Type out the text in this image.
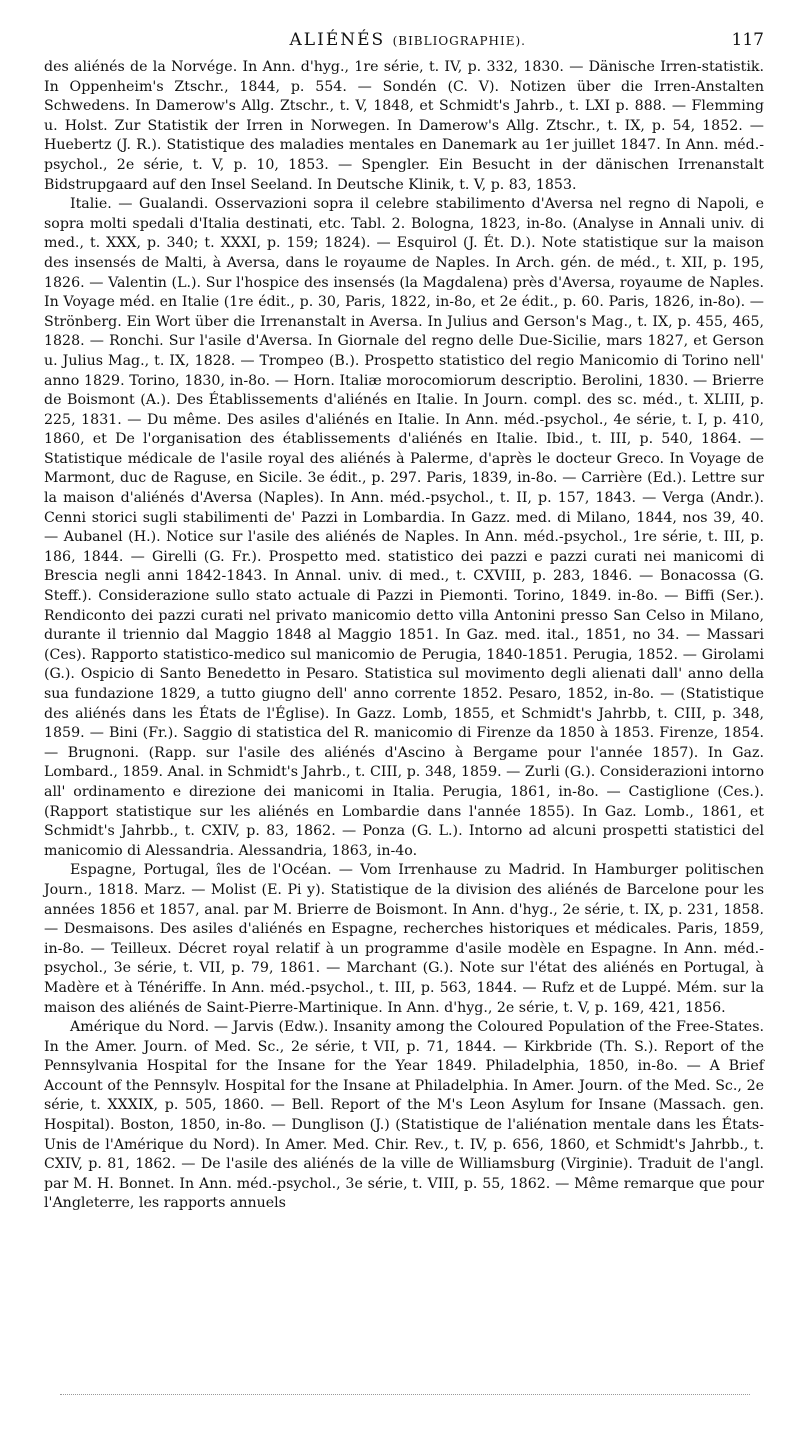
ALIÉNÉS (BIBLIOGRAPHIE).	117

des aliénés de la Norvége. In Ann. d'hyg., 1re série, t. IV, p. 332, 1830. — Dänische Irren-statistik. In Oppenheim's Ztschr., 1844, p. 554. — Sondén (C. V). Notizen über die Irren-Anstalten Schwedens. In Damerow's Allg. Ztschr., t. V, 1848, et Schmidt's Jahrb., t. LXI p. 888. — Flemming u. Holst. Zur Statistik der Irren in Norwegen. In Damerow's Allg. Ztschr., t. IX, p. 54, 1852. — Huebertz (J. R.). Statistique des maladies mentales en Danemark au 1er juillet 1847. In Ann. méd.-psychol., 2e série, t. V, p. 10, 1853. — Spengler. Ein Besucht in der dänischen Irrenanstalt Bidstrupgaard auf den Insel Seeland. In Deutsche Klinik, t. V, p. 83, 1853.

Italie. — Gualandi. Osservazioni sopra il celebre stabilimento d'Aversa nel regno di Napoli, e sopra molti spedali d'Italia destinati, etc. Tabl. 2. Bologna, 1823, in-8o. (Analyse in Annali univ. di med., t. XXX, p. 340; t. XXXI, p. 159; 1824). — Esquirol (J. Ét. D.). Note statistique sur la maison des insensés de Malti, à Aversa, dans le royaume de Naples. In Arch. gén. de méd., t. XII, p. 195, 1826. — Valentin (L.). Sur l'hospice des insensés (la Magdalena) près d'Aversa, royaume de Naples. In Voyage méd. en Italie (1re édit., p. 30, Paris, 1822, in-8o, et 2e édit., p. 60. Paris, 1826, in-8o). — Strönberg. Ein Wort über die Irrenanstalt in Aversa. In Julius and Gerson's Mag., t. IX, p. 455, 465, 1828. — Ronchi. Sur l'asile d'Aversa. In Giornale del regno delle Due-Sicilie, mars 1827, et Gerson u. Julius Mag., t. IX, 1828. — Trompeo (B.). Prospetto statistico del regio Manicomio di Torino nell' anno 1829. Torino, 1830, in-8o. — Horn. Italiæ morocomiorum descriptio. Berolini, 1830. — Brierre de Boismont (A.). Des Établissements d'aliénés en Italie. In Journ. compl. des sc. méd., t. XLIII, p. 225, 1831. — Du même. Des asiles d'aliénés en Italie. In Ann. méd.-psychol., 4e série, t. I, p. 410, 1860, et De l'organisation des établissements d'aliénés en Italie. Ibid., t. III, p. 540, 1864. — Statistique médicale de l'asile royal des aliénés à Palerme, d'après le docteur Greco. In Voyage de Marmont, duc de Raguse, en Sicile. 3e édit., p. 297. Paris, 1839, in-8o. — Carrière (Ed.). Lettre sur la maison d'aliénés d'Aversa (Naples). In Ann. méd.-psychol., t. II, p. 157, 1843. — Verga (Andr.). Cenni storici sugli stabilimenti de' Pazzi in Lombardia. In Gazz. med. di Milano, 1844, nos 39, 40. — Aubanel (H.). Notice sur l'asile des aliénés de Naples. In Ann. méd.-psychol., 1re série, t. III, p. 186, 1844. — Girelli (G. Fr.). Prospetto med. statistico dei pazzi e pazzi curati nei manicomi di Brescia negli anni 1842-1843. In Annal. univ. di med., t. CXVIII, p. 283, 1846. — Bonacossa (G. Steff.). Considerazione sullo stato actuale di Pazzi in Piemonti. Torino, 1849. in-8o. — Biffi (Ser.). Rendiconto dei pazzi curati nel privato manicomio detto villa Antonini presso San Celso in Milano, durante il triennio dal Maggio 1848 al Maggio 1851. In Gaz. med. ital., 1851, no 34. — Massari (Ces). Rapporto statistico-medico sul manicomio de Perugia, 1840-1851. Perugia, 1852. — Girolami (G.). Ospicio di Santo Benedetto in Pesaro. Statistica sul movimento degli alienati dall' anno della sua fundazione 1829, a tutto giugno dell' anno corrente 1852. Pesaro, 1852, in-8o. — (Statistique des aliénés dans les États de l'Église). In Gazz. Lomb, 1855, et Schmidt's Jahrbb, t. CIII, p. 348, 1859. — Bini (Fr.). Saggio di statistica del R. manicomio di Firenze da 1850 à 1853. Firenze, 1854. — Brugnoni. (Rapp. sur l'asile des aliénés d'Ascino à Bergame pour l'année 1857). In Gaz. Lombard., 1859. Anal. in Schmidt's Jahrb., t. CIII, p. 348, 1859. — Zurli (G.). Considerazioni intorno all' ordinamento e direzione dei manicomi in Italia. Perugia, 1861, in-8o. — Castiglione (Ces.). (Rapport statistique sur les aliénés en Lombardie dans l'année 1855). In Gaz. Lomb., 1861, et Schmidt's Jahrbb., t. CXIV, p. 83, 1862. — Ponza (G. L.). Intorno ad alcuni prospetti statistici del manicomio di Alessandria. Alessandria, 1863, in-4o.

Espagne, Portugal, îles de l'Océan. — Vom Irrenhause zu Madrid. In Hamburger politischen Journ., 1818. Marz. — Molist (E. Pi y). Statistique de la division des aliénés de Barcelone pour les années 1856 et 1857, anal. par M. Brierre de Boismont. In Ann. d'hyg., 2e série, t. IX, p. 231, 1858. — Desmaisons. Des asiles d'aliénés en Espagne, recherches historiques et médicales. Paris, 1859, in-8o. — Teilleux. Décret royal relatif à un programme d'asile modèle en Espagne. In Ann. méd.-psychol., 3e série, t. VII, p. 79, 1861. — Marchant (G.). Note sur l'état des aliénés en Portugal, à Madère et à Ténériffe. In Ann. méd.-psychol., t. III, p. 563, 1844. — Rufz et de Luppé. Mém. sur la maison des aliénés de Saint-Pierre-Martinique. In Ann. d'hyg., 2e série, t. V, p. 169, 421, 1856.

Amérique du Nord. — Jarvis (Edw.). Insanity among the Coloured Population of the Free-States. In the Amer. Journ. of Med. Sc., 2e série, t VII, p. 71, 1844. — Kirkbride (Th. S.). Report of the Pennsylvania Hospital for the Insane for the Year 1849. Philadelphia, 1850, in-8o. — A Brief Account of the Pennsylv. Hospital for the Insane at Philadelphia. In Amer. Journ. of the Med. Sc., 2e série, t. XXXIX, p. 505, 1860. — Bell. Report of the M's Leon Asylum for Insane (Massach. gen. Hospital). Boston, 1850, in-8o. — Dunglison (J.) (Statistique de l'aliénation mentale dans les États-Unis de l'Amérique du Nord). In Amer. Med. Chir. Rev., t. IV, p. 656, 1860, et Schmidt's Jahrbb., t. CXIV, p. 81, 1862. — De l'asile des aliénés de la ville de Williamsburg (Virginie). Traduit de l'angl. par M. H. Bonnet. In Ann. méd.-psychol., 3e série, t. VIII, p. 55, 1862. — Même remarque que pour l'Angleterre, les rapports annuels
